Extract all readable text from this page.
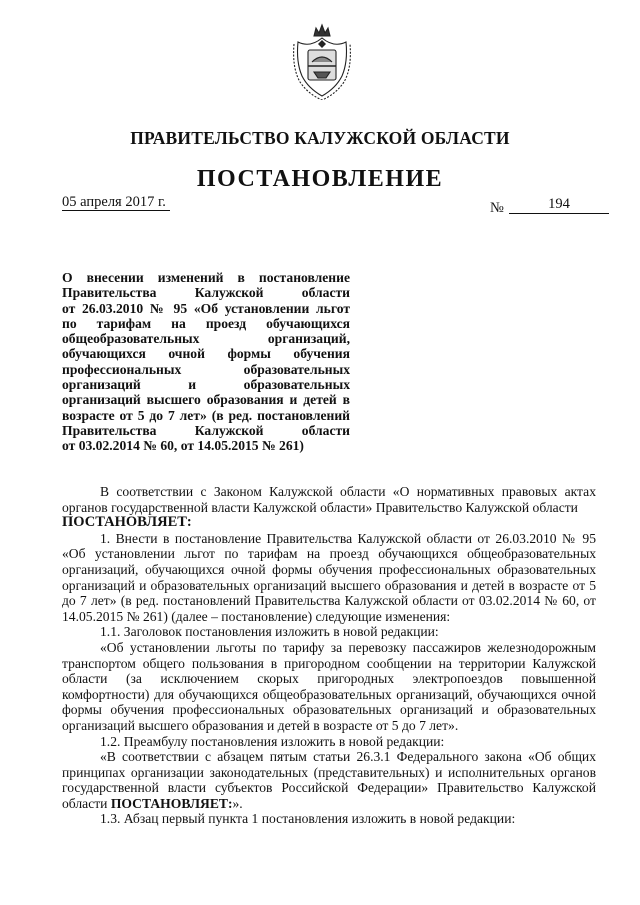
ПРАВИТЕЛЬСТВО КАЛУЖСКОЙ ОБЛАСТИ
ПОСТАНОВЛЕНИЕ
05 апреля 2017 г.	№	194
О внесении изменений в постановление
Правительства Калужской области
от 26.03.2010 № 95 «Об установлении льгот
по тарифам на проезд обучающихся
общеобразовательных организаций,
обучающихся очной формы обучения
профессиональных образовательных
организаций и образовательных
организаций высшего образования и детей в
возрасте от 5 до 7 лет» (в ред. постановлений
Правительства Калужской области
от 03.02.2014 № 60, от 14.05.2015 № 261)

В соответствии с Законом Калужской области «О нормативных правовых актах органов государственной власти Калужской области» Правительство Калужской области

ПОСТАНОВЛЯЕТ:

1. Внести в постановление Правительства Калужской области от 26.03.2010 № 95 «Об установлении льгот по тарифам на проезд обучающихся общеобразовательных организаций, обучающихся очной формы обучения профессиональных образовательных организаций и образовательных организаций высшего образования и детей в возрасте от 5 до 7 лет» (в ред. постановлений Правительства Калужской области от 03.02.2014 № 60, от 14.05.2015 № 261) (далее – постановление) следующие изменения:

1.1. Заголовок постановления изложить в новой редакции:

«Об установлении льготы по тарифу за перевозку пассажиров железнодорожным транспортом общего пользования в пригородном сообщении на территории Калужской области (за исключением скорых пригородных электропоездов повышенной комфортности) для обучающихся общеобразовательных организаций, обучающихся очной формы обучения профессиональных образовательных организаций и образовательных организаций высшего образования и детей в возрасте от 5 до 7 лет».

1.2. Преамбулу постановления изложить в новой редакции:

«В соответствии с абзацем пятым статьи 26.3.1 Федерального закона «Об общих принципах организации законодательных (представительных) и исполнительных органов государственной власти субъектов Российской Федерации» Правительство Калужской области ПОСТАНОВЛЯЕТ:».

1.3. Абзац первый пункта 1 постановления изложить в новой редакции:
